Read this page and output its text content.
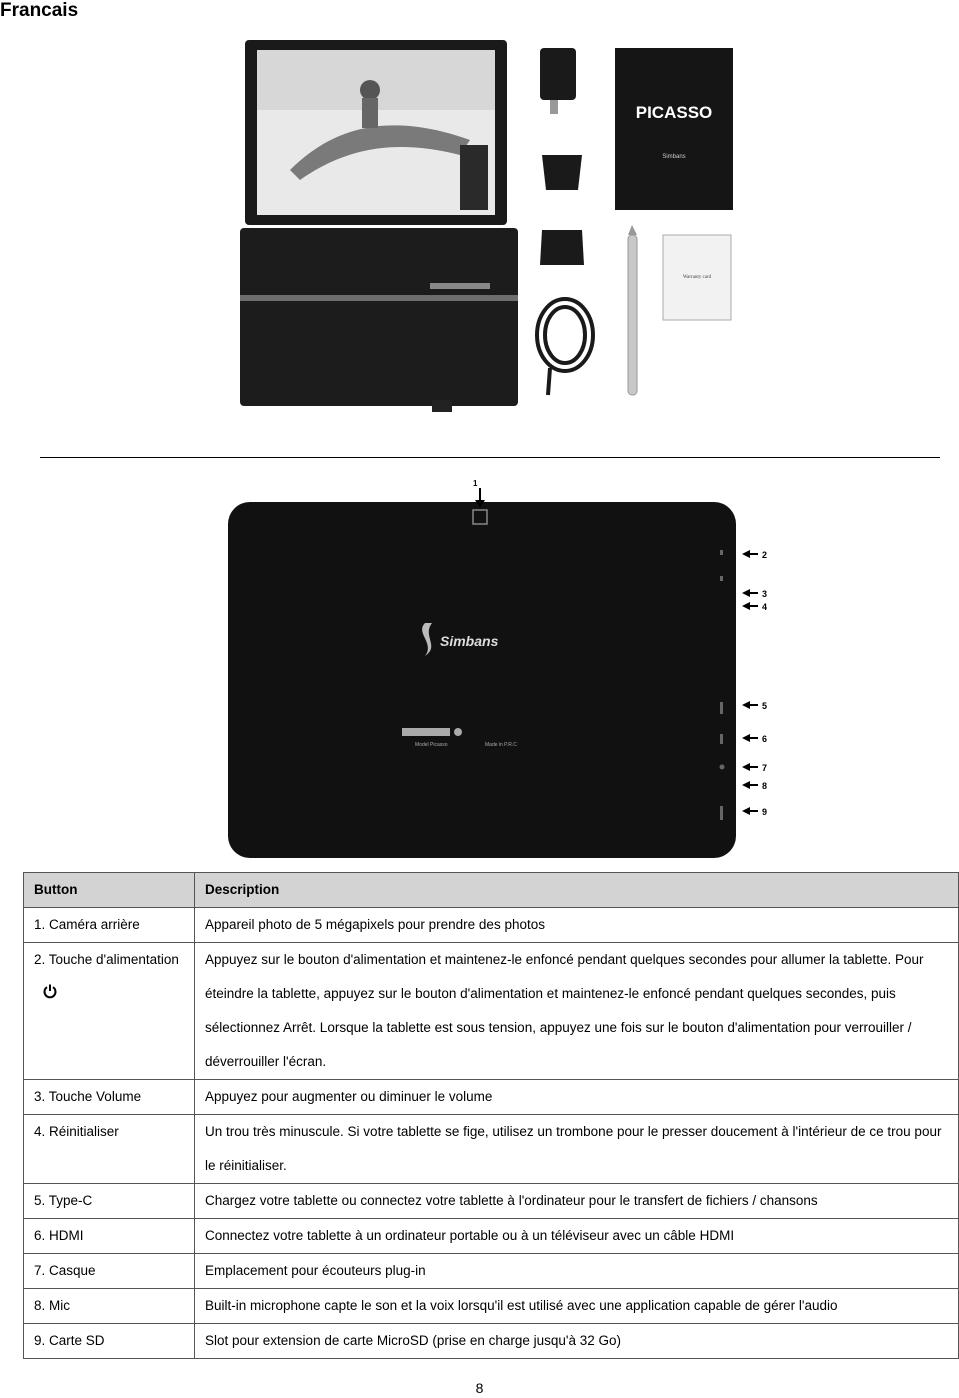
Francais
PICASSO
Simbans
Warranty card
1
Simbans
Model Picasso	Made in P.R.C
2
3
4
5
6
7
8
9
Button	Description
1. Caméra arrière	Appareil photo de 5 mégapixels pour prendre des photos
2. Touche d'alimentation	Appuyez sur le bouton d'alimentation et maintenez-le enfoncé pendant quelques secondes pour allumer la tablette. Pour éteindre la tablette, appuyez sur le bouton d'alimentation et maintenez-le enfoncé pendant quelques secondes, puis sélectionnez Arrêt. Lorsque la tablette est sous tension, appuyez une fois sur le bouton d'alimentation pour verrouiller / déverrouiller l'écran.
3. Touche Volume	Appuyez pour augmenter ou diminuer le volume
4. Réinitialiser	Un trou très minuscule. Si votre tablette se fige, utilisez un trombone pour le presser doucement à l'intérieur de ce trou pour le réinitialiser.
5. Type-C	Chargez votre tablette ou connectez votre tablette à l'ordinateur pour le transfert de fichiers / chansons
6. HDMI	Connectez votre tablette à un ordinateur portable ou à un téléviseur avec un câble HDMI
7. Casque	Emplacement pour écouteurs plug-in
8. Mic	Built-in microphone capte le son et la voix lorsqu'il est utilisé avec une application capable de gérer l'audio
9. Carte SD	Slot pour extension de carte MicroSD (prise en charge jusqu'à 32 Go)
8
